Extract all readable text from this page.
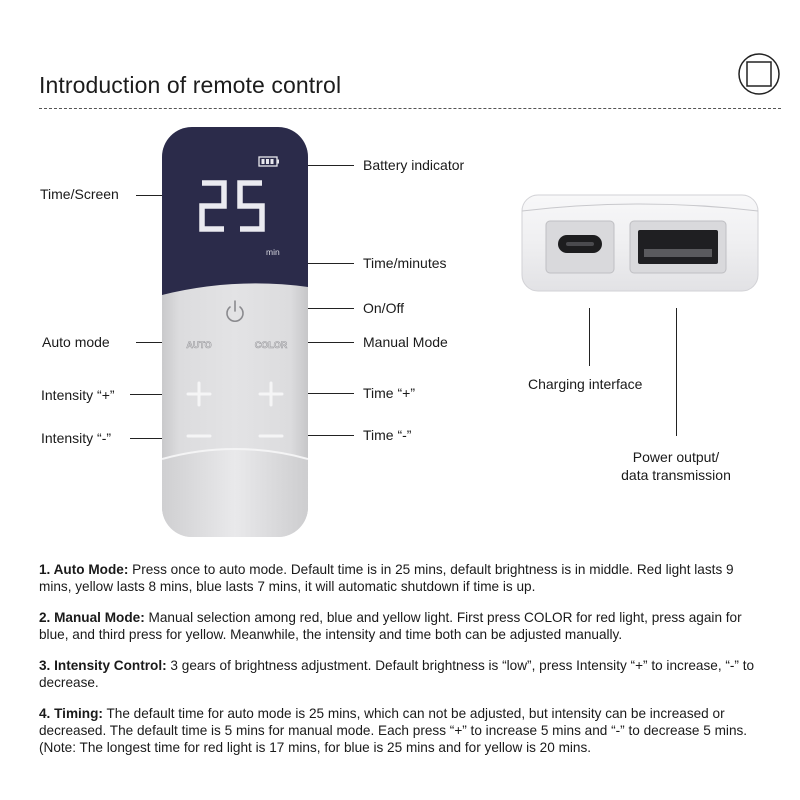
Introduction of remote control
min
AUTO	COLOR
Time/Screen
Battery indicator
Time/minutes
On/Off
Auto mode	Manual Mode
Intensity “+”	Time “+”
Intensity “-”	Time “-”
Charging interface
Power output/
data transmission
1. Auto Mode: Press once to auto mode. Default time is in 25 mins, default brightness is in middle. Red light lasts 9 mins, yellow lasts 8 mins, blue lasts 7 mins, it will automatic shutdown if time is up.
2. Manual Mode: Manual selection among red, blue and yellow light. First press COLOR for red light, press again for blue, and third press for yellow. Meanwhile, the intensity and time both can be adjusted manually.
3. Intensity Control: 3 gears of brightness adjustment. Default brightness is “low”, press Intensity “+” to increase, “-” to decrease.
4. Timing: The default time for auto mode is 25 mins, which can not be adjusted, but intensity can be increased or decreased. The default time is 5 mins for manual mode. Each press “+” to increase 5 mins and “-” to decrease 5 mins. (Note: The longest time for red light is 17 mins, for blue is 25 mins and for yellow is 20 mins.
